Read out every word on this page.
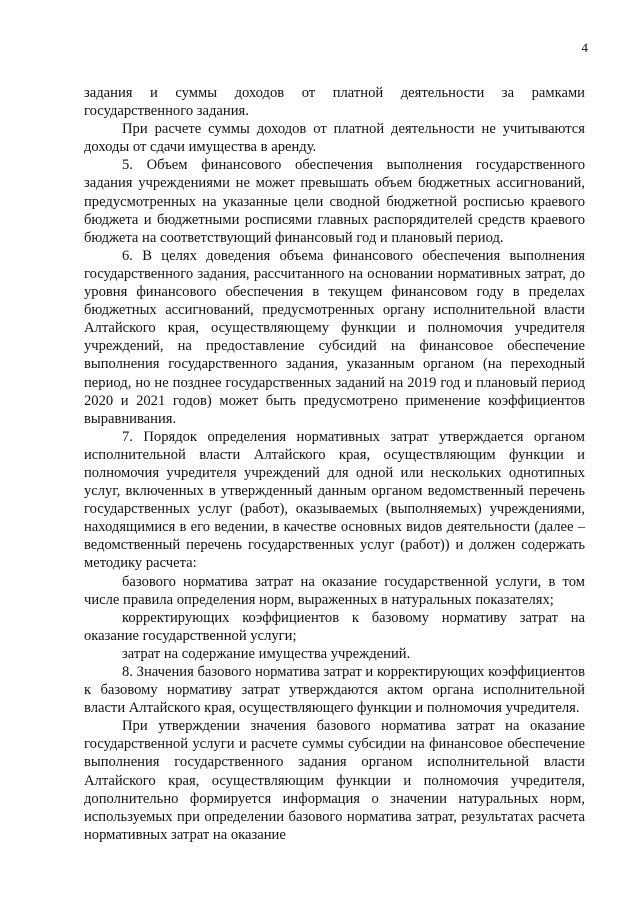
4

задания и суммы доходов от платной деятельности за рамками государственного задания.

При расчете суммы доходов от платной деятельности не учитываются доходы от сдачи имущества в аренду.

5. Объем финансового обеспечения выполнения государственного задания учреждениями не может превышать объем бюджетных ассигнований, предусмотренных на указанные цели сводной бюджетной росписью краевого бюджета и бюджетными росписями главных распорядителей средств краевого бюджета на соответствующий финансовый год и плановый период.

6. В целях доведения объема финансового обеспечения выполнения государственного задания, рассчитанного на основании нормативных затрат, до уровня финансового обеспечения в текущем финансовом году в пределах бюджетных ассигнований, предусмотренных органу исполнительной власти Алтайского края, осуществляющему функции и полномочия учредителя учреждений, на предоставление субсидий на финансовое обеспечение выполнения государственного задания, указанным органом (на переходный период, но не позднее государственных заданий на 2019 год и плановый период 2020 и 2021 годов) может быть предусмотрено применение коэффициентов выравнивания.

7. Порядок определения нормативных затрат утверждается органом исполнительной власти Алтайского края, осуществляющим функции и полномочия учредителя учреждений для одной или нескольких однотипных услуг, включенных в утвержденный данным органом ведомственный перечень государственных услуг (работ), оказываемых (выполняемых) учреждениями, находящимися в его ведении, в качестве основных видов деятельности (далее – ведомственный перечень государственных услуг (работ)) и должен содержать методику расчета:

базового норматива затрат на оказание государственной услуги, в том числе правила определения норм, выраженных в натуральных показателях;

корректирующих коэффициентов к базовому нормативу затрат на оказание государственной услуги;

затрат на содержание имущества учреждений.

8. Значения базового норматива затрат и корректирующих коэффициентов к базовому нормативу затрат утверждаются актом органа исполнительной власти Алтайского края, осуществляющего функции и полномочия учредителя.

При утверждении значения базового норматива затрат на оказание государственной услуги и расчете суммы субсидии на финансовое обеспечение выполнения государственного задания органом исполнительной власти Алтайского края, осуществляющим функции и полномочия учредителя, дополнительно формируется информация о значении натуральных норм, используемых при определении базового норматива затрат, результатах расчета нормативных затрат на оказание
